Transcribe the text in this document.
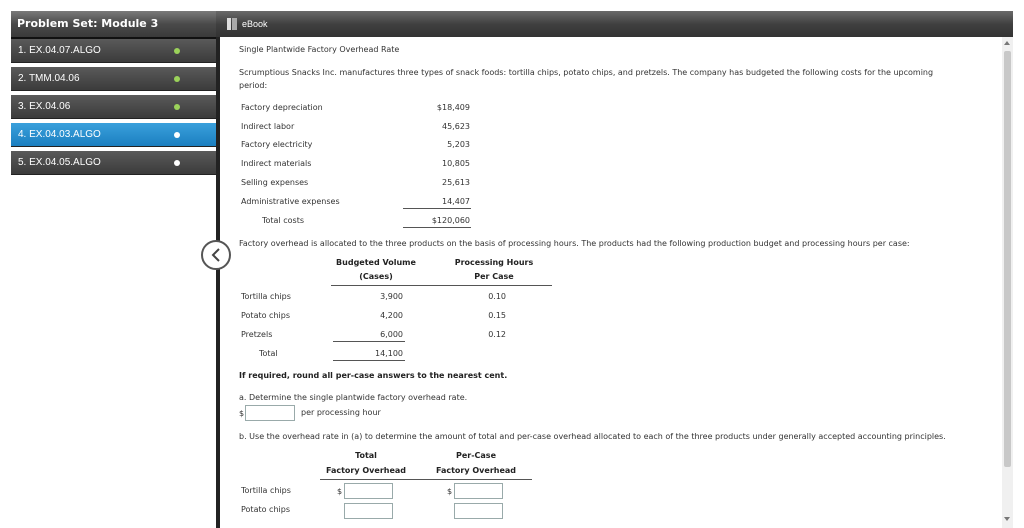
Problem Set: Module 3
1. EX.04.07.ALGO
2. TMM.04.06
3. EX.04.06
4. EX.04.03.ALGO
5. EX.04.05.ALGO
eBook
Single Plantwide Factory Overhead Rate
Scrumptious Snacks Inc. manufactures three types of snack foods: tortilla chips, potato chips, and pretzels. The company has budgeted the following costs for the upcoming
period:
Factory depreciation	$18,409
Indirect labor	45,623
Factory electricity	5,203
Indirect materials	10,805
Selling expenses	25,613
Administrative expenses	14,407
Total costs	$120,060
Factory overhead is allocated to the three products on the basis of processing hours. The products had the following production budget and processing hours per case:
Budgeted Volume
(Cases)
Processing Hours
Per Case
Tortilla chips	3,900	0.10
Potato chips	4,200	0.15
Pretzels	6,000	0.12
Total	14,100
If required, round all per-case answers to the nearest cent.
a. Determine the single plantwide factory overhead rate.
$	per processing hour
b. Use the overhead rate in (a) to determine the amount of total and per-case overhead allocated to each of the three products under generally accepted accounting principles.
Total
Factory Overhead
Per-Case
Factory Overhead
Tortilla chips	$	$
Potato chips
